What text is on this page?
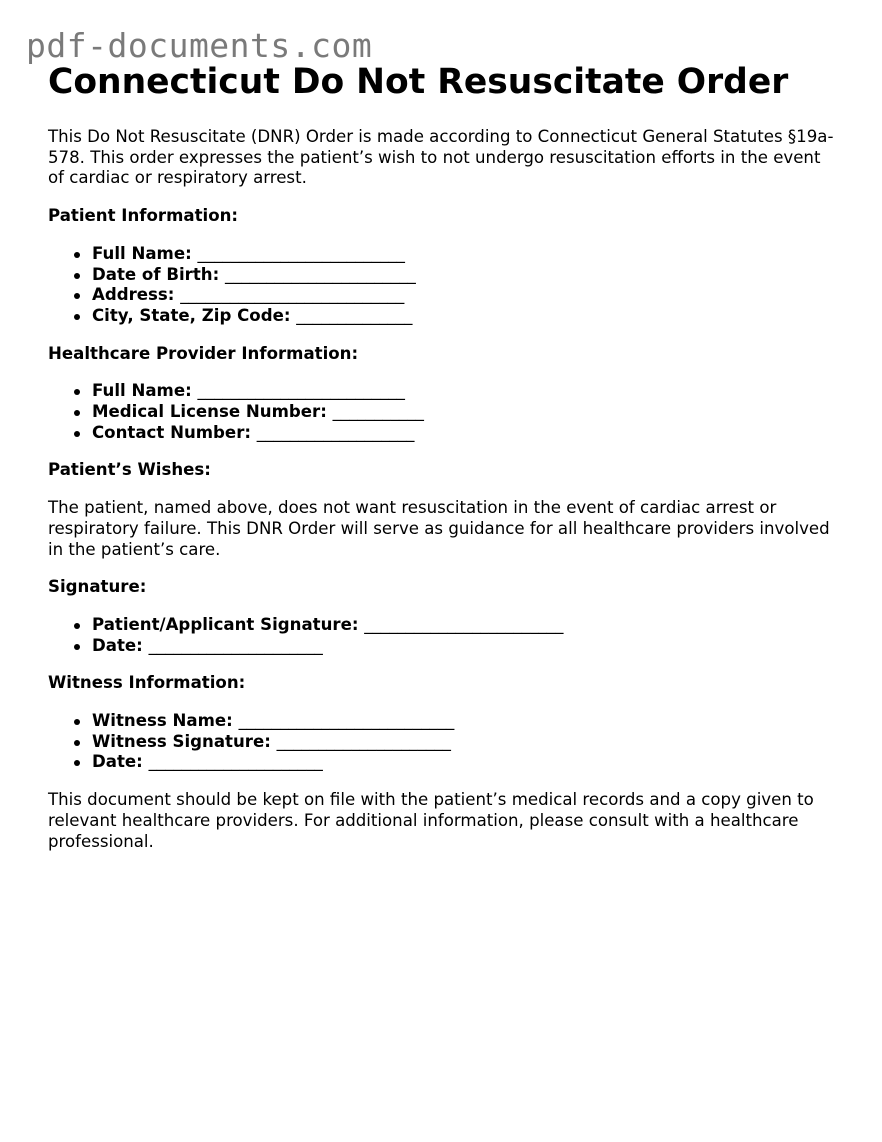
pdf-documents.com
Connecticut Do Not Resuscitate Order

This Do Not Resuscitate (DNR) Order is made according to Connecticut General Statutes §19a-578. This order expresses the patient’s wish to not undergo resuscitation efforts in the event of cardiac or respiratory arrest.

Patient Information:
Full Name: _________________________
Date of Birth: _______________________
Address: ___________________________
City, State, Zip Code: ______________
Healthcare Provider Information:
Full Name: _________________________
Medical License Number: ___________
Contact Number: ___________________
Patient’s Wishes:

The patient, named above, does not want resuscitation in the event of cardiac arrest or respiratory failure. This DNR Order will serve as guidance for all healthcare providers involved in the patient’s care.

Signature:
Patient/Applicant Signature: ________________________
Date: _____________________
Witness Information:
Witness Name: __________________________
Witness Signature: _____________________
Date: _____________________

This document should be kept on file with the patient’s medical records and a copy given to relevant healthcare providers. For additional information, please consult with a healthcare professional.
